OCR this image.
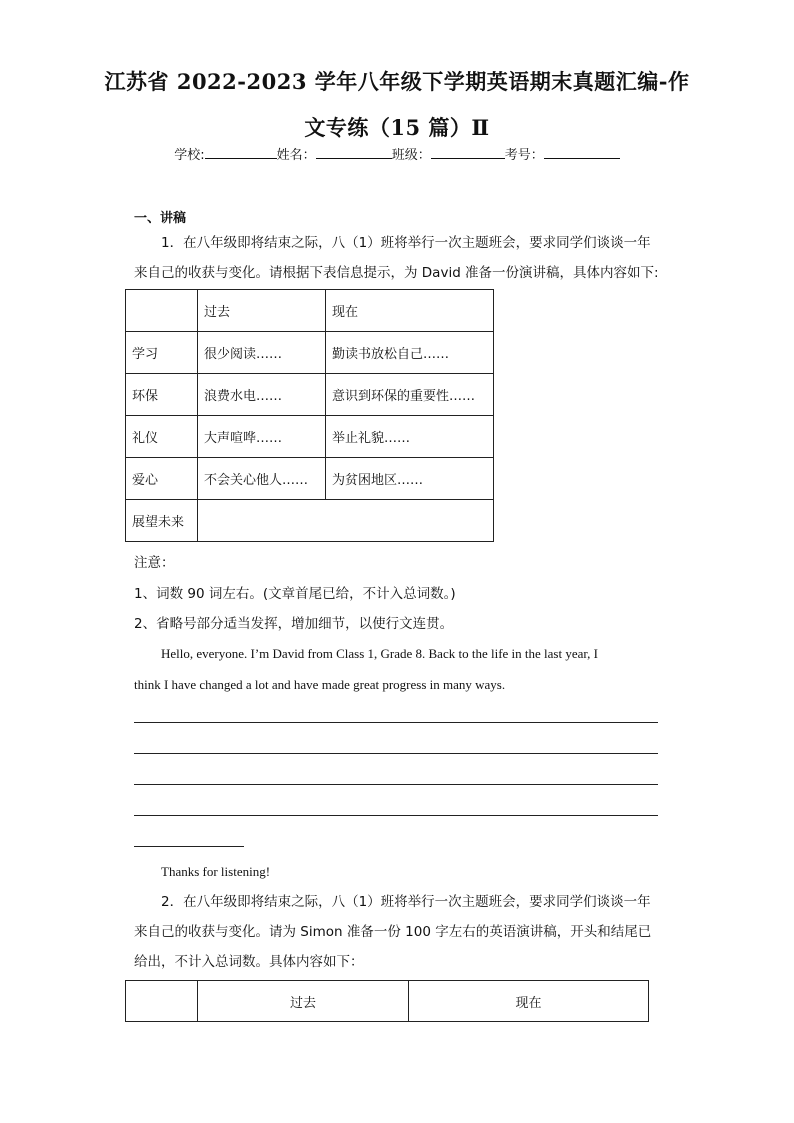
江苏省 2022-2023 学年八年级下学期英语期末真题汇编-作
文专练（15 篇）Ⅱ
学校:	姓名：	班级：	考号：
一、讲稿
1．在八年级即将结束之际，八（1）班将举行一次主题班会，要求同学们谈谈一年来自己的收获与变化。请根据下表信息提示，为 David 准备一份演讲稿，具体内容如下:
	过去	现在
学习	很少阅读……	勤读书放松自己……
环保	浪费水电……	意识到环保的重要性……
礼仪	大声喧哗……	举止礼貌……
爱心	不会关心他人……	为贫困地区……
展望未来		
注意：
1、词数 90 词左右。(文章首尾已给，不计入总词数。)
2、省略号部分适当发挥，增加细节，以使行文连贯。
Hello, everyone. I’m David from Class 1, Grade 8. Back to the life in the last year, I
think I have changed a lot and have made great progress in many ways.
Thanks for listening!
2．在八年级即将结束之际，八（1）班将举行一次主题班会，要求同学们谈谈一年来自己的收获与变化。请为 Simon 准备一份 100 字左右的英语演讲稿，开头和结尾已给出，不计入总词数。具体内容如下：
	过去	现在
